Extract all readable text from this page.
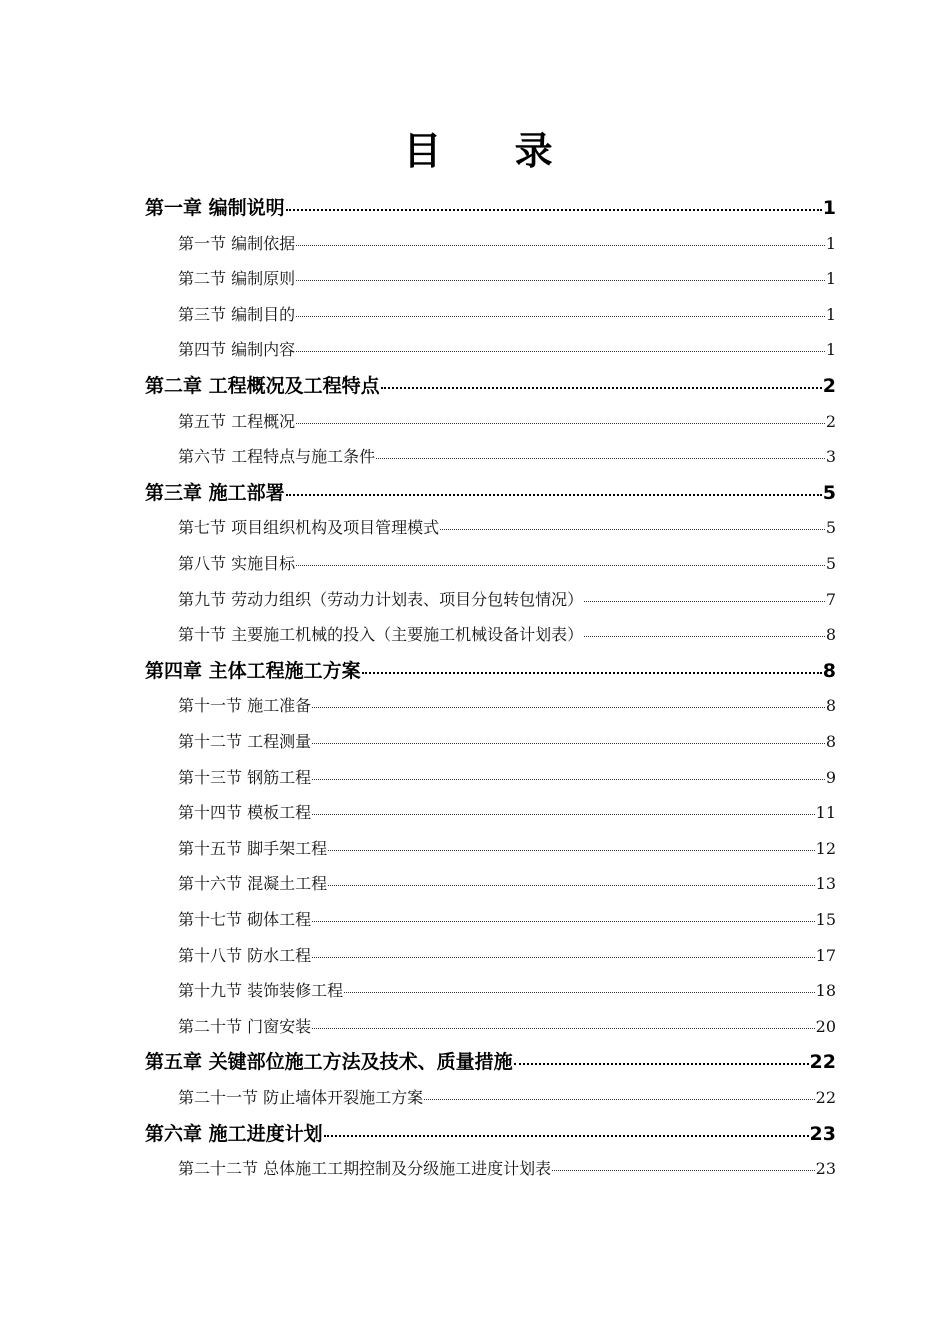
目 录
第一章 编制说明	1
第一节 编制依据	1
第二节 编制原则	1
第三节 编制目的	1
第四节 编制内容	1
第二章 工程概况及工程特点	2
第五节 工程概况	2
第六节 工程特点与施工条件	3
第三章 施工部署	5
第七节 项目组织机构及项目管理模式	5
第八节 实施目标	5
第九节 劳动力组织（劳动力计划表、项目分包转包情况）	7
第十节 主要施工机械的投入（主要施工机械设备计划表）	8
第四章 主体工程施工方案	8
第十一节 施工准备	8
第十二节 工程测量	8
第十三节 钢筋工程	9
第十四节 模板工程	11
第十五节 脚手架工程	12
第十六节 混凝土工程	13
第十七节 砌体工程	15
第十八节 防水工程	17
第十九节 装饰装修工程	18
第二十节 门窗安装	20
第五章 关键部位施工方法及技术、质量措施	22
第二十一节 防止墙体开裂施工方案	22
第六章 施工进度计划	23
第二十二节 总体施工工期控制及分级施工进度计划表	23
